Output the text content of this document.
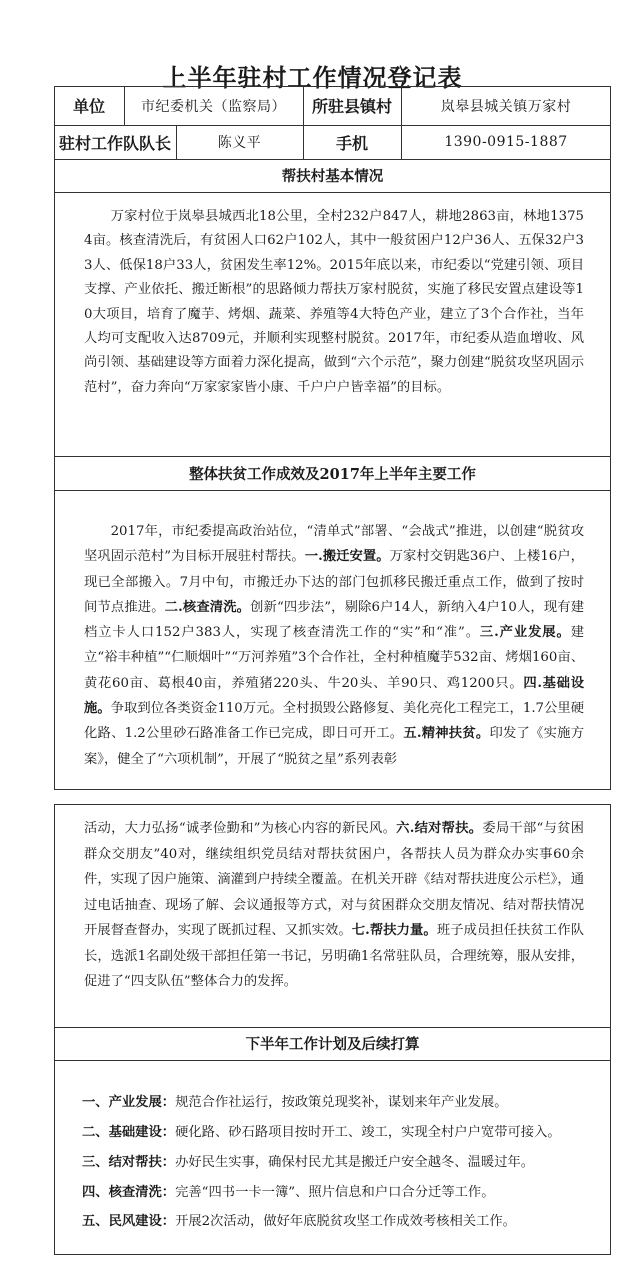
上半年驻村工作情况登记表
单位	市纪委机关（监察局）	所驻县镇村	岚皋县城关镇万家村
驻村工作队队长	陈义平	手机	1390-0915-1887
帮扶村基本情况

万家村位于岚皋县城西北18公里，全村232户847人，耕地2863亩，林地13754亩。核查清洗后，有贫困人口62户102人，其中一般贫困户12户36人、五保32户33人、低保18户33人，贫困发生率12%。2015年底以来，市纪委以“党建引领、项目支撑、产业依托、搬迁断根”的思路倾力帮扶万家村脱贫，实施了移民安置点建设等10大项目，培育了魔芋、烤烟、蔬菜、养殖等4大特色产业，建立了3个合作社，当年人均可支配收入达8709元，并顺利实现整村脱贫。2017年，市纪委从造血增收、风尚引领、基础建设等方面着力深化提高，做到“六个示范”，聚力创建“脱贫攻坚巩固示范村”，奋力奔向“万家家家皆小康、千户户户皆幸福”的目标。

整体扶贫工作成效及2017年上半年主要工作

2017年，市纪委提高政治站位，“清单式”部署、“会战式”推进，以创建“脱贫攻坚巩固示范村”为目标开展驻村帮扶。一.搬迁安置。万家村交钥匙36户、上楼16户，现已全部搬入。7月中旬，市搬迁办下达的部门包抓移民搬迁重点工作，做到了按时间节点推进。二.核查清洗。创新“四步法”，剔除6户14人，新纳入4户10人，现有建档立卡人口152户383人，实现了核查清洗工作的“实”和“准”。三.产业发展。建立“裕丰种植”“仁顺烟叶”“万河养殖”3个合作社，全村种植魔芋532亩、烤烟160亩、黄花60亩、葛根40亩，养殖猪220头、牛20头、羊90只、鸡1200只。四.基础设施。争取到位各类资金110万元。全村损毁公路修复、美化亮化工程完工，1.7公里硬化路、1.2公里砂石路准备工作已完成，即日可开工。五.精神扶贫。印发了《实施方案》，健全了“六项机制”，开展了“脱贫之星”系列表彰

活动，大力弘扬“诚孝俭勤和”为核心内容的新民风。六.结对帮扶。委局干部“与贫困群众交朋友”40对，继续组织党员结对帮扶贫困户，各帮扶人员为群众办实事60余件，实现了因户施策、滴灌到户持续全覆盖。在机关开辟《结对帮扶进度公示栏》，通过电话抽查、现场了解、会议通报等方式，对与贫困群众交朋友情况、结对帮扶情况开展督查督办，实现了既抓过程、又抓实效。七.帮扶力量。班子成员担任扶贫工作队长，选派1名副处级干部担任第一书记，另明确1名常驻队员，合理统筹，服从安排，促进了“四支队伍”整体合力的发挥。

下半年工作计划及后续打算
一、产业发展：规范合作社运行，按政策兑现奖补，谋划来年产业发展。
二、基础建设：硬化路、砂石路项目按时开工、竣工，实现全村户户宽带可接入。
三、结对帮扶：办好民生实事，确保村民尤其是搬迁户安全越冬、温暖过年。
四、核查清洗：完善“四书一卡一簿”、照片信息和户口合分迁等工作。
五、民风建设：开展2次活动，做好年底脱贫攻坚工作成效考核相关工作。
